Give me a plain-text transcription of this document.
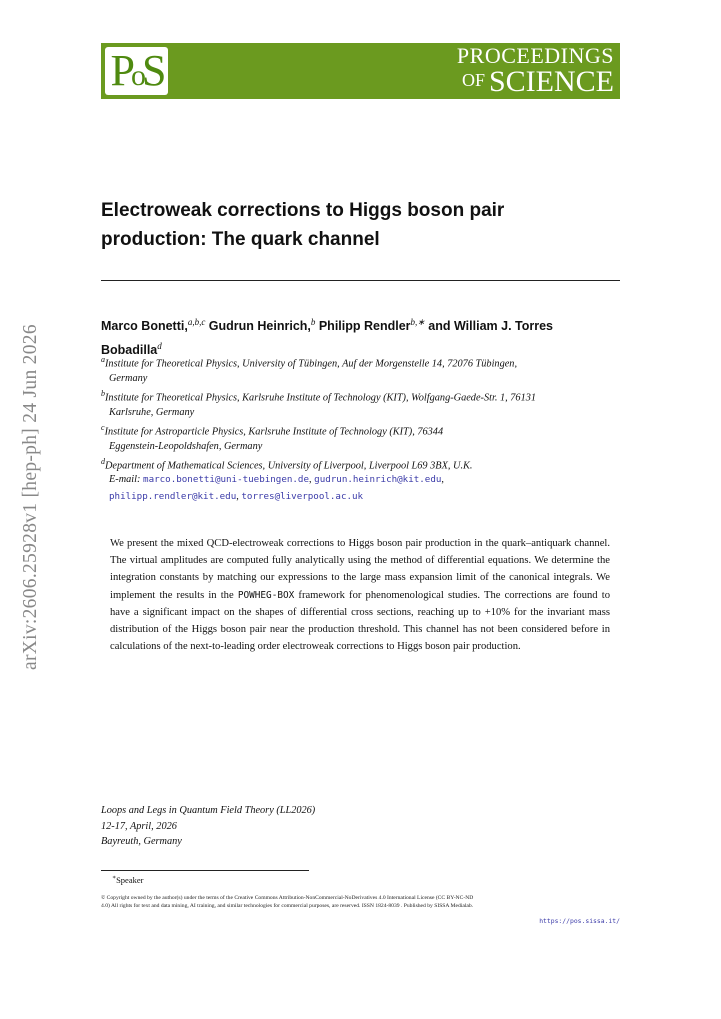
PoS	PROCEEDINGS
$^{OF}$ SCIENCE
arXiv:2606.25928v1 [hep-ph] 24 Jun 2026
Electroweak corrections to Higgs boson pair production: The quark channel
Marco Bonetti,$^{a,b,c}$ Gudrun Heinrich,$^b$ Philipp Rendler$^{b,∗}$ and William J. Torres Bobadilla$^d$
$^a$Institute for Theoretical Physics, University of Tübingen, Auf der Morgenstelle 14, 72076 Tübingen,
Germany
$^b$Institute for Theoretical Physics, Karlsruhe Institute of Technology (KIT), Wolfgang-Gaede-Str. 1, 76131
Karlsruhe, Germany
$^c$Institute for Astroparticle Physics, Karlsruhe Institute of Technology (KIT), 76344
Eggenstein-Leopoldshafen, Germany
$^d$Department of Mathematical Sciences, University of Liverpool, Liverpool L69 3BX, U.K.
E-mail: marco.bonetti@uni-tuebingen.de, gudrun.heinrich@kit.edu,
philipp.rendler@kit.edu, torres@liverpool.ac.uk
We present the mixed QCD-electroweak corrections to Higgs boson pair production in the quark–antiquark channel. The virtual amplitudes are computed fully analytically using the method of differential equations. We determine the integration constants by matching our expressions to the large mass expansion limit of the canonical integrals. We implement the results in the POWHEG-BOX framework for phenomenological studies. The corrections are found to have a significant impact on the shapes of differential cross sections, reaching up to +10% for the invariant mass distribution of the Higgs boson pair near the production threshold. This channel has not been considered before in calculations of the next-to-leading order electroweak corrections to Higgs boson pair production.
Loops and Legs in Quantum Field Theory (LL2026)
12-17, April, 2026
Bayreuth, Germany
∗Speaker
© Copyright owned by the author(s) under the terms of the Creative Commons Attribution-NonCommercial-NoDerivatives 4.0 International License (CC BY-NC-ND 4.0) All rights for text and data mining, AI training, and similar technologies for commercial purposes, are reserved. ISSN 1824-8039 . Published by SISSA Medialab.
https://pos.sissa.it/
